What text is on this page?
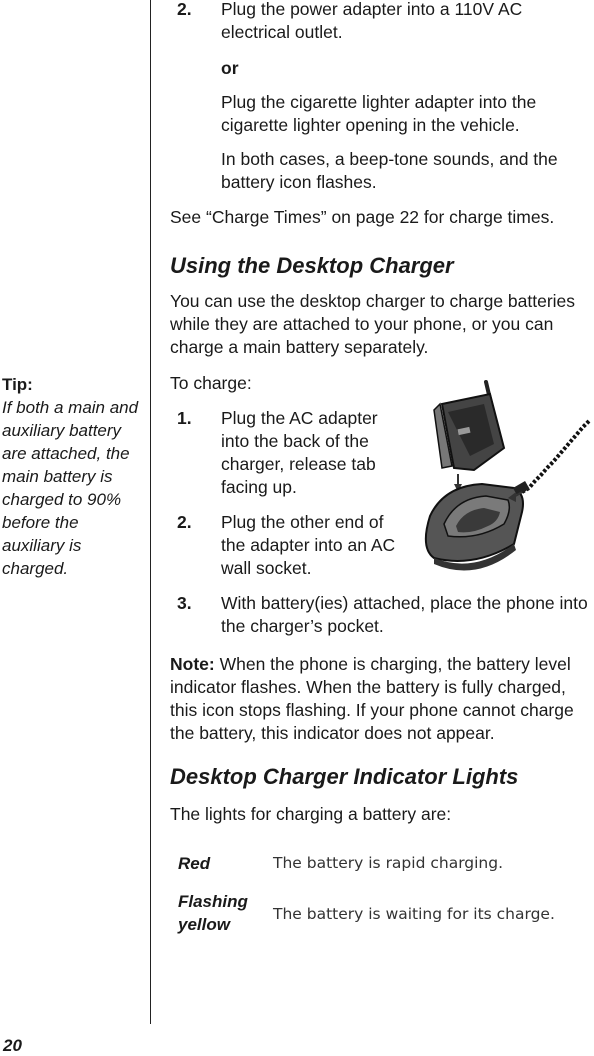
Tip:
If both a main and auxiliary battery are attached, the main battery is charged to 90% before the auxiliary is charged.
2. Plug the power adapter into a 110V AC electrical outlet.
or
Plug the cigarette lighter adapter into the cigarette lighter opening in the vehicle.
In both cases, a beep-tone sounds, and the battery icon flashes.
See “Charge Times” on page 22 for charge times.
Using the Desktop Charger
You can use the desktop charger to charge batteries while they are attached to your phone, or you can charge a main battery separately.
To charge:
1. Plug the AC adapter into the back of the charger, release tab facing up.
2. Plug the other end of the adapter into an AC wall socket.
3. With battery(ies) attached, place the phone into the charger’s pocket.
Note: When the phone is charging, the battery level indicator flashes. When the battery is fully charged, this icon stops flashing. If your phone cannot charge the battery, this indicator does not appear.
Desktop Charger Indicator Lights
The lights for charging a battery are:
Red	The battery is rapid charging.
Flashing yellow
The battery is waiting for its charge.
20
